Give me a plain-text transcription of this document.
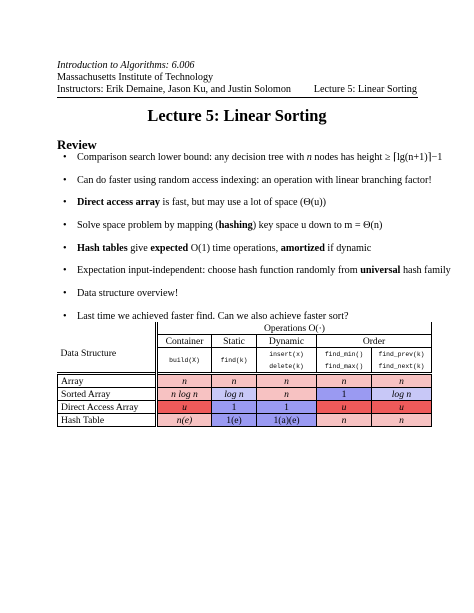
Introduction to Algorithms: 6.006
Massachusetts Institute of Technology
Instructors: Erik Demaine, Jason Ku, and Justin Solomon Lecture 5: Linear Sorting
Lecture 5: Linear Sorting
Review
• Comparison search lower bound: any decision tree with n nodes has height ≥ ⌈lg(n+1)⌉−1
• Can do faster using random access indexing: an operation with linear branching factor!
• Direct access array is fast, but may use a lot of space (Θ(u))
• Solve space problem by mapping (hashing) key space u down to m = Θ(n)
• Hash tables give expected O(1) time operations, amortized if dynamic
• Expectation input-independent: choose hash function randomly from universal hash family
• Data structure overview!
• Last time we achieved faster find. Can we also achieve faster sort?
	Operations O(·)				
Data Structure	Container	Static	Dynamic	Order	
	build(X)	find(k)	insert(x)	find_min()	find_prev(k)
			delete(k)	find_max()	find_next(k)
Array	n	n	n	n	n
Sorted Array	n log n	log n	n	1	log n
Direct Access Array	u	1	1	u	u
Hash Table	n(e)	1(e)	1(a)(e)	n	n
